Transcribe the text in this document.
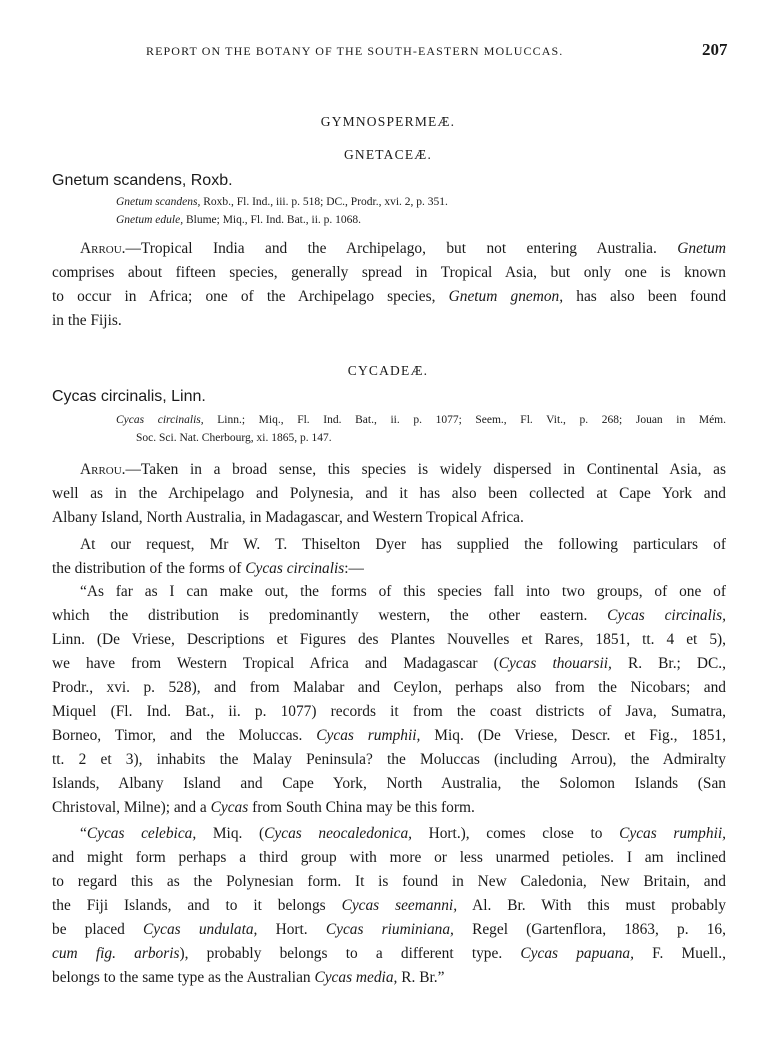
REPORT ON THE BOTANY OF THE SOUTH-EASTERN MOLUCCAS.	207
GYMNOSPERMEÆ.
GNETACEÆ.
Gnetum scandens, Roxb.
Gnetum scandens, Roxb., Fl. Ind., iii. p. 518; DC., Prodr., xvi. 2, p. 351.
Gnetum edule, Blume; Miq., Fl. Ind. Bat., ii. p. 1068.
Arrou.—Tropical India and the Archipelago, but not entering Australia. Gnetum
comprises about fifteen species, generally spread in Tropical Asia, but only one is known
to occur in Africa; one of the Archipelago species, Gnetum gnemon, has also been found
in the Fijis.
CYCADEÆ.
Cycas circinalis, Linn.
Cycas circinalis, Linn.; Miq., Fl. Ind. Bat., ii. p. 1077; Seem., Fl. Vit., p. 268; Jouan in Mém.
Soc. Sci. Nat. Cherbourg, xi. 1865, p. 147.
Arrou.—Taken in a broad sense, this species is widely dispersed in Continental Asia, as
well as in the Archipelago and Polynesia, and it has also been collected at Cape York and
Albany Island, North Australia, in Madagascar, and Western Tropical Africa.
At our request, Mr W. T. Thiselton Dyer has supplied the following particulars of
the distribution of the forms of Cycas circinalis:—
“As far as I can make out, the forms of this species fall into two groups, of one of
which the distribution is predominantly western, the other eastern. Cycas circinalis,
Linn. (De Vriese, Descriptions et Figures des Plantes Nouvelles et Rares, 1851, tt. 4 et 5),
we have from Western Tropical Africa and Madagascar (Cycas thouarsii, R. Br.; DC.,
Prodr., xvi. p. 528), and from Malabar and Ceylon, perhaps also from the Nicobars; and
Miquel (Fl. Ind. Bat., ii. p. 1077) records it from the coast districts of Java, Sumatra,
Borneo, Timor, and the Moluccas. Cycas rumphii, Miq. (De Vriese, Descr. et Fig., 1851,
tt. 2 et 3), inhabits the Malay Peninsula? the Moluccas (including Arrou), the Admiralty
Islands, Albany Island and Cape York, North Australia, the Solomon Islands (San
Christoval, Milne); and a Cycas from South China may be this form.
“Cycas celebica, Miq. (Cycas neocaledonica, Hort.), comes close to Cycas rumphii,
and might form perhaps a third group with more or less unarmed petioles. I am inclined
to regard this as the Polynesian form. It is found in New Caledonia, New Britain, and
the Fiji Islands, and to it belongs Cycas seemanni, Al. Br. With this must probably
be placed Cycas undulata, Hort. Cycas riuminiana, Regel (Gartenflora, 1863, p. 16,
cum fig. arboris), probably belongs to a different type. Cycas papuana, F. Muell.,
belongs to the same type as the Australian Cycas media, R. Br.”
